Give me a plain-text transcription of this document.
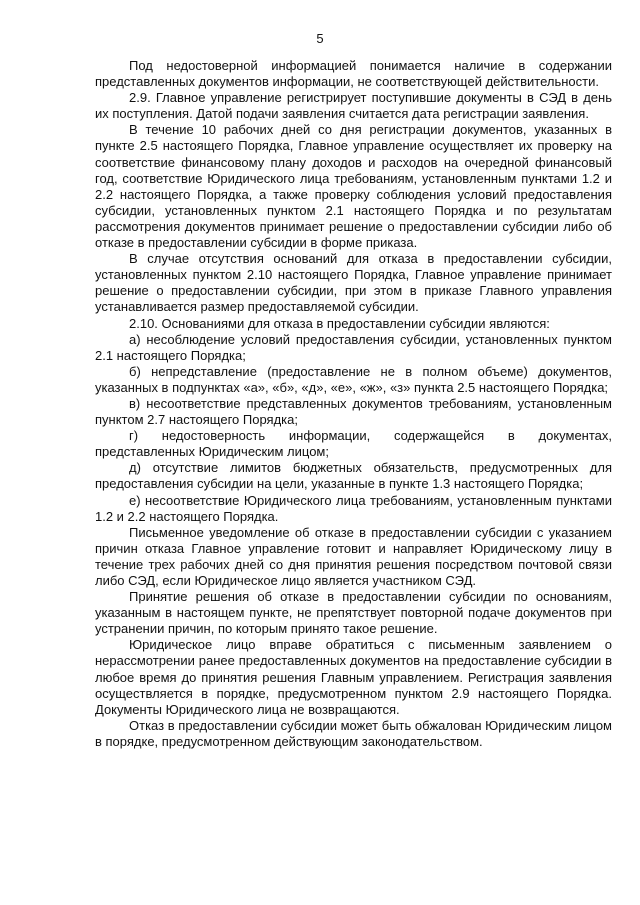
5

Под недостоверной информацией понимается наличие в содержании представленных документов информации, не соответствующей действительности.

2.9. Главное управление регистрирует поступившие документы в СЭД в день их поступления. Датой подачи заявления считается дата регистрации заявления.

В течение 10 рабочих дней со дня регистрации документов, указанных в пункте 2.5 настоящего Порядка, Главное управление осуществляет их проверку на соответствие финансовому плану доходов и расходов на очередной финансовый год, соответствие Юридического лица требованиям, установленным пунктами 1.2 и 2.2 настоящего Порядка, а также проверку соблюдения условий предоставления субсидии, установленных пунктом 2.1 настоящего Порядка и по результатам рассмотрения документов принимает решение о предоставлении субсидии либо об отказе в предоставлении субсидии в форме приказа.

В случае отсутствия оснований для отказа в предоставлении субсидии, установленных пунктом 2.10 настоящего Порядка, Главное управление принимает решение о предоставлении субсидии, при этом в приказе Главного управления устанавливается размер предоставляемой субсидии.

2.10. Основаниями для отказа в предоставлении субсидии являются:

а) несоблюдение условий предоставления субсидии, установленных пунктом 2.1 настоящего Порядка;

б) непредставление (предоставление не в полном объеме) документов, указанных в подпунктах «а», «б», «д», «е», «ж», «з» пункта 2.5 настоящего Порядка;

в) несоответствие представленных документов требованиям, установленным пунктом 2.7 настоящего Порядка;

г) недостоверность информации, содержащейся в документах, представленных Юридическим лицом;

д) отсутствие лимитов бюджетных обязательств, предусмотренных для предоставления субсидии на цели, указанные в пункте 1.3 настоящего Порядка;

е) несоответствие Юридического лица требованиям, установленным пунктами 1.2 и 2.2 настоящего Порядка.

Письменное уведомление об отказе в предоставлении субсидии с указанием причин отказа Главное управление готовит и направляет Юридическому лицу в течение трех рабочих дней со дня принятия решения посредством почтовой связи либо СЭД, если Юридическое лицо является участником СЭД.

Принятие решения об отказе в предоставлении субсидии по основаниям, указанным в настоящем пункте, не препятствует повторной подаче документов при устранении причин, по которым принято такое решение.

Юридическое лицо вправе обратиться с письменным заявлением о нерассмотрении ранее предоставленных документов на предоставление субсидии в любое время до принятия решения Главным управлением. Регистрация заявления осуществляется в порядке, предусмотренном пунктом 2.9 настоящего Порядка. Документы Юридического лица не возвращаются.

Отказ в предоставлении субсидии может быть обжалован Юридическим лицом в порядке, предусмотренном действующим законодательством.
